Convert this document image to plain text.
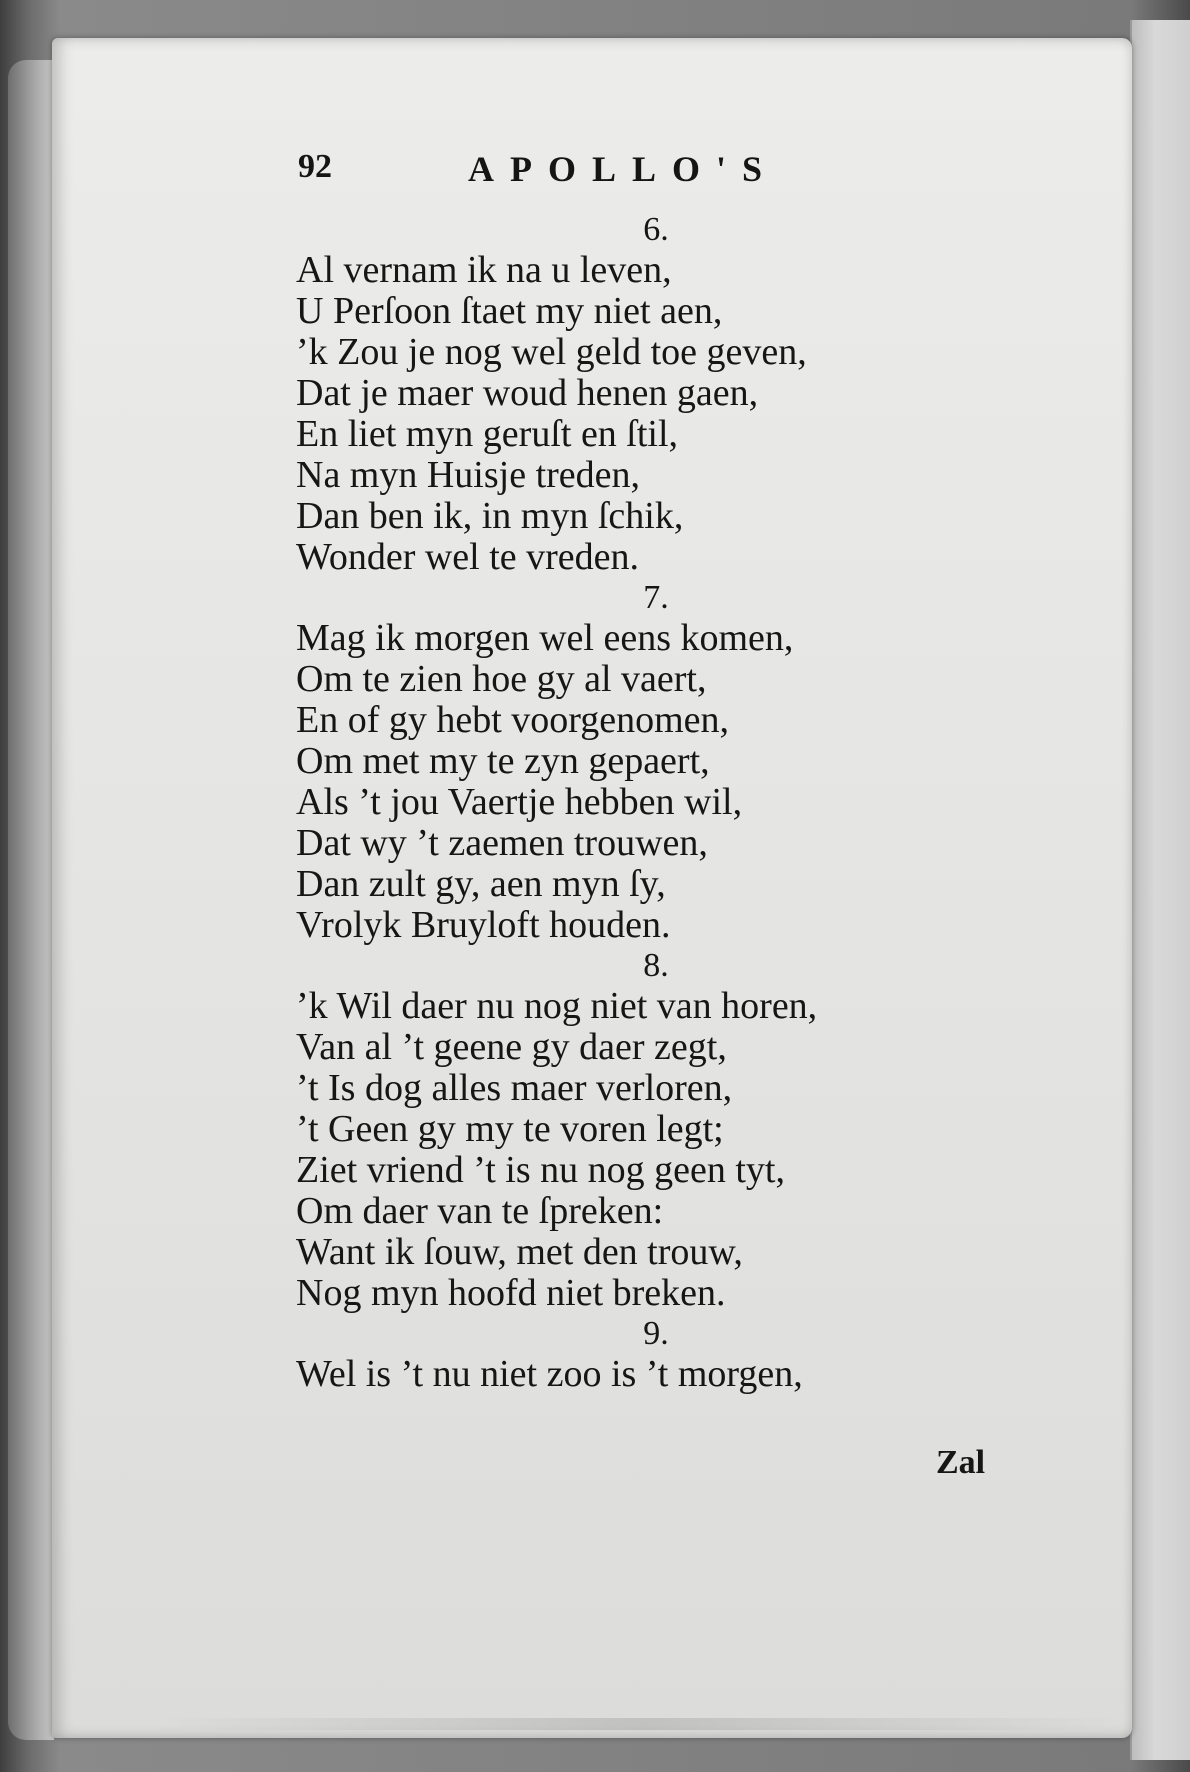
92	APOLLO'S
6.
Al vernam ik na u leven,
U Perſoon ſtaet my niet aen,
’k Zou je nog wel geld toe geven,
Dat je maer woud henen gaen,
En liet myn geruſt en ſtil,
Na myn Huisje treden,
Dan ben ik, in myn ſchik,
Wonder wel te vreden.
7.
Mag ik morgen wel eens komen,
Om te zien hoe gy al vaert,
En of gy hebt voorgenomen,
Om met my te zyn gepaert,
Als ’t jou Vaertje hebben wil,
Dat wy ’t zaemen trouwen,
Dan zult gy, aen myn ſy,
Vrolyk Bruyloft houden.
8.
’k Wil daer nu nog niet van horen,
Van al ’t geene gy daer zegt,
’t Is dog alles maer verloren,
’t Geen gy my te voren legt;
Ziet vriend ’t is nu nog geen tyt,
Om daer van te ſpreken:
Want ik ſouw, met den trouw,
Nog myn hoofd niet breken.
9.
Wel is ’t nu niet zoo is ’t morgen,
Zal
